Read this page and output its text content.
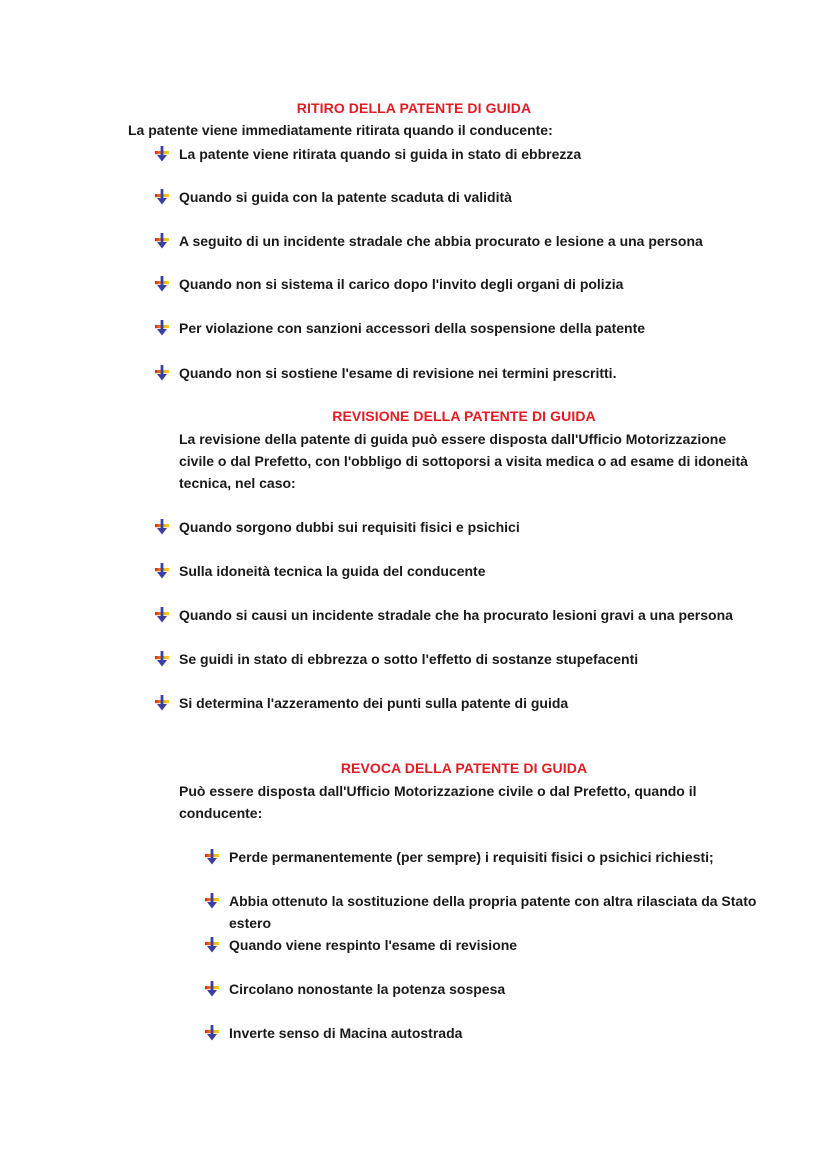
RITIRO DELLA PATENTE DI GUIDA
La patente viene immediatamente ritirata quando il conducente:
La patente viene ritirata quando si guida in stato di ebbrezza
Quando si guida con la patente scaduta di validità
A seguito di un incidente stradale che abbia procurato e lesione a una persona
Quando non si sistema il carico dopo l'invito degli organi di polizia
Per violazione con sanzioni accessori della sospensione della patente
Quando non si sostiene l'esame di revisione nei termini prescritti.
REVISIONE DELLA PATENTE DI GUIDA
La revisione della patente di guida può essere disposta dall'Ufficio Motorizzazione civile o dal Prefetto, con l'obbligo di sottoporsi a visita medica o ad esame di idoneità tecnica, nel caso:
Quando sorgono dubbi sui requisiti fisici e psichici
Sulla idoneità tecnica la guida del conducente
Quando si causi un incidente stradale che ha procurato lesioni gravi a una persona
Se guidi in stato di ebbrezza o sotto l'effetto di sostanze stupefacenti
Si determina l'azzeramento dei punti sulla patente di guida
REVOCA DELLA PATENTE DI GUIDA
Può essere disposta dall'Ufficio Motorizzazione civile o dal Prefetto, quando il conducente:
Perde permanentemente (per sempre) i requisiti fisici o psichici richiesti;
Abbia ottenuto la sostituzione della propria patente con altra rilasciata da Stato estero
Quando viene respinto l'esame di revisione
Circolano nonostante la potenza sospesa
Inverte senso di Macina autostrada
